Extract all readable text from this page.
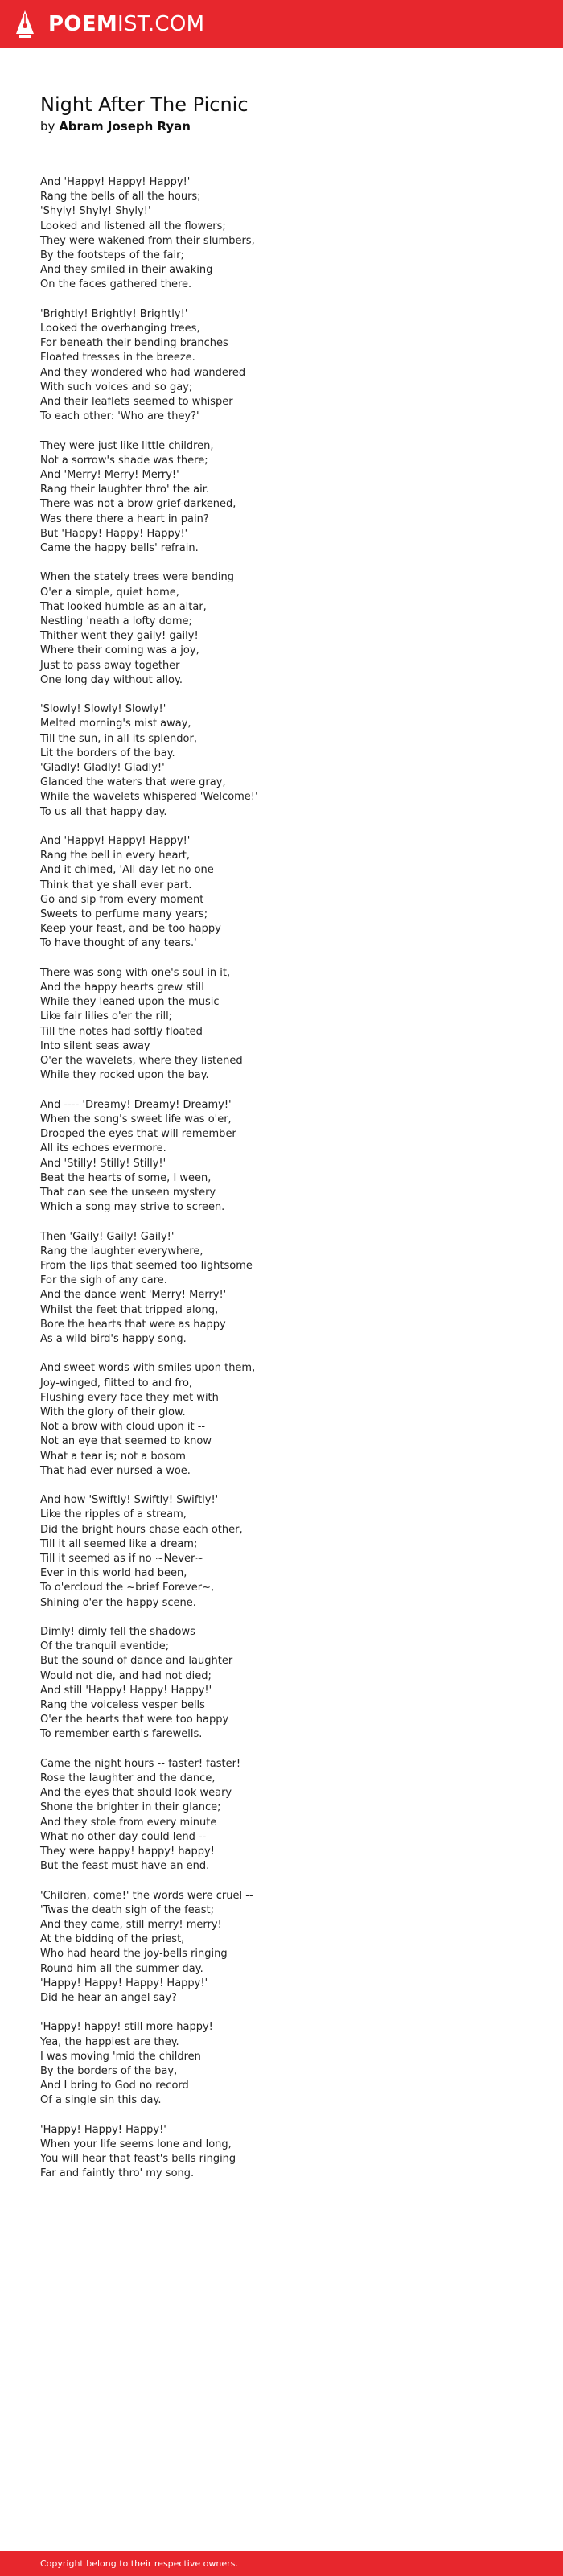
POEMIST.COM
Night After The Picnic
by Abram Joseph Ryan
And 'Happy! Happy! Happy!'
Rang the bells of all the hours;
'Shyly! Shyly! Shyly!'
Looked and listened all the flowers;
They were wakened from their slumbers,
By the footsteps of the fair;
And they smiled in their awaking
On the faces gathered there.
'Brightly! Brightly! Brightly!'
Looked the overhanging trees,
For beneath their bending branches
Floated tresses in the breeze.
And they wondered who had wandered
With such voices and so gay;
And their leaflets seemed to whisper
To each other: 'Who are they?'
They were just like little children,
Not a sorrow's shade was there;
And 'Merry! Merry! Merry!'
Rang their laughter thro' the air.
There was not a brow grief-darkened,
Was there there a heart in pain?
But 'Happy! Happy! Happy!'
Came the happy bells' refrain.
When the stately trees were bending
O'er a simple, quiet home,
That looked humble as an altar,
Nestling 'neath a lofty dome;
Thither went they gaily! gaily!
Where their coming was a joy,
Just to pass away together
One long day without alloy.
'Slowly! Slowly! Slowly!'
Melted morning's mist away,
Till the sun, in all its splendor,
Lit the borders of the bay.
'Gladly! Gladly! Gladly!'
Glanced the waters that were gray,
While the wavelets whispered 'Welcome!'
To us all that happy day.
And 'Happy! Happy! Happy!'
Rang the bell in every heart,
And it chimed, 'All day let no one
Think that ye shall ever part.
Go and sip from every moment
Sweets to perfume many years;
Keep your feast, and be too happy
To have thought of any tears.'
There was song with one's soul in it,
And the happy hearts grew still
While they leaned upon the music
Like fair lilies o'er the rill;
Till the notes had softly floated
Into silent seas away
O'er the wavelets, where they listened
While they rocked upon the bay.
And ---- 'Dreamy! Dreamy! Dreamy!'
When the song's sweet life was o'er,
Drooped the eyes that will remember
All its echoes evermore.
And 'Stilly! Stilly! Stilly!'
Beat the hearts of some, I ween,
That can see the unseen mystery
Which a song may strive to screen.
Then 'Gaily! Gaily! Gaily!'
Rang the laughter everywhere,
From the lips that seemed too lightsome
For the sigh of any care.
And the dance went 'Merry! Merry!'
Whilst the feet that tripped along,
Bore the hearts that were as happy
As a wild bird's happy song.
And sweet words with smiles upon them,
Joy-winged, flitted to and fro,
Flushing every face they met with
With the glory of their glow.
Not a brow with cloud upon it --
Not an eye that seemed to know
What a tear is; not a bosom
That had ever nursed a woe.
And how 'Swiftly! Swiftly! Swiftly!'
Like the ripples of a stream,
Did the bright hours chase each other,
Till it all seemed like a dream;
Till it seemed as if no ~Never~
Ever in this world had been,
To o'ercloud the ~brief Forever~,
Shining o'er the happy scene.
Dimly! dimly fell the shadows
Of the tranquil eventide;
But the sound of dance and laughter
Would not die, and had not died;
And still 'Happy! Happy! Happy!'
Rang the voiceless vesper bells
O'er the hearts that were too happy
To remember earth's farewells.
Came the night hours -- faster! faster!
Rose the laughter and the dance,
And the eyes that should look weary
Shone the brighter in their glance;
And they stole from every minute
What no other day could lend --
They were happy! happy! happy!
But the feast must have an end.
'Children, come!' the words were cruel --
'Twas the death sigh of the feast;
And they came, still merry! merry!
At the bidding of the priest,
Who had heard the joy-bells ringing
Round him all the summer day.
'Happy! Happy! Happy! Happy!'
Did he hear an angel say?
'Happy! happy! still more happy!
Yea, the happiest are they.
I was moving 'mid the children
By the borders of the bay,
And I bring to God no record
Of a single sin this day.
'Happy! Happy! Happy!'
When your life seems lone and long,
You will hear that feast's bells ringing
Far and faintly thro' my song.
Copyright belong to their respective owners.
